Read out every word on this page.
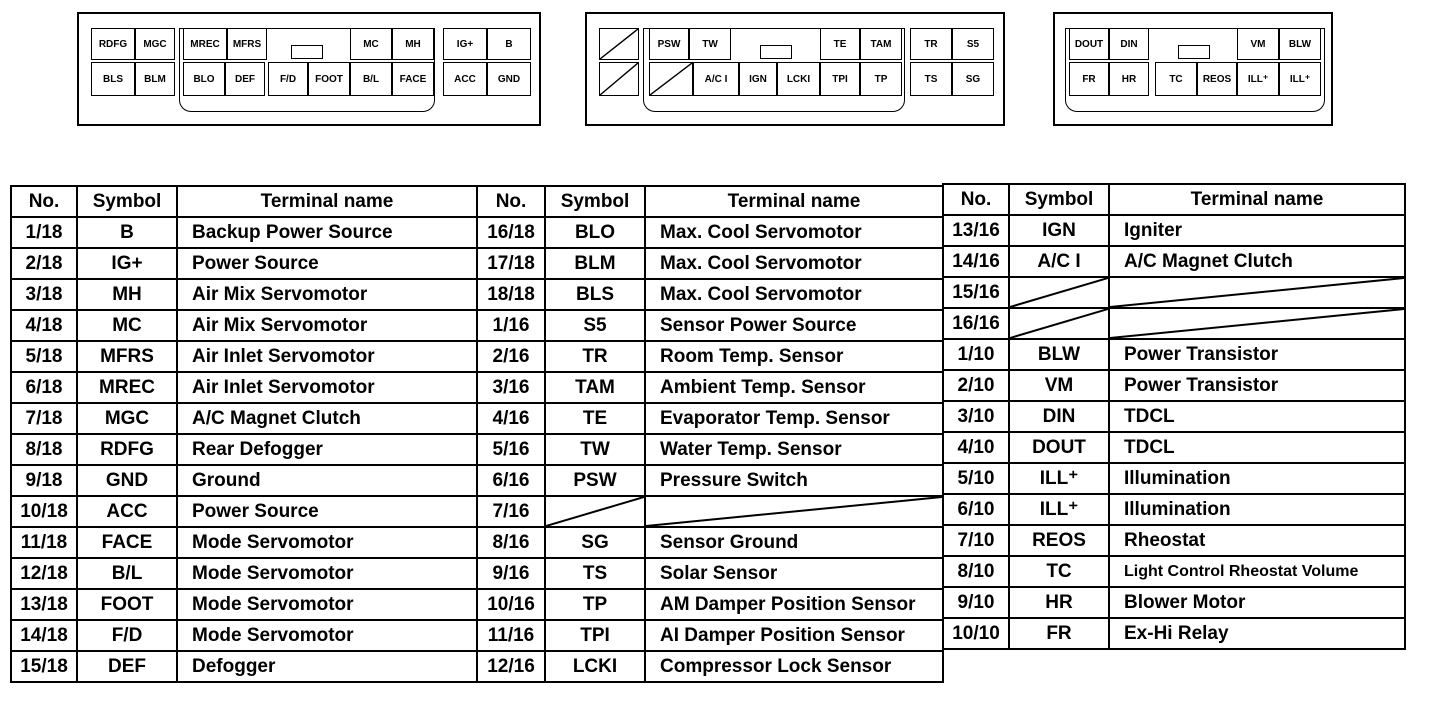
RDFG	MGC	MREC	MFRS	MC	MH	IG+	B
BLS	BLM	BLO	DEF	F/D	FOOT	B/L	FACE	ACC	GND
PSW	TW	TE	TAM	TR	S5
A/C I	IGN	LCKI	TPI	TP	TS	SG
DOUT	DIN	VM	BLW
FR	HR	TC	REOS	ILL⁺	ILL⁺
No.	Symbol	Terminal name
1/18	B	Backup Power Source
2/18	IG+	Power Source
3/18	MH	Air Mix Servomotor
4/18	MC	Air Mix Servomotor
5/18	MFRS	Air Inlet Servomotor
6/18	MREC	Air Inlet Servomotor
7/18	MGC	A/C Magnet Clutch
8/18	RDFG	Rear Defogger
9/18	GND	Ground
10/18	ACC	Power Source
11/18	FACE	Mode Servomotor
12/18	B/L	Mode Servomotor
13/18	FOOT	Mode Servomotor
14/18	F/D	Mode Servomotor
15/18	DEF	Defogger
No.	Symbol	Terminal name
16/18	BLO	Max. Cool Servomotor
17/18	BLM	Max. Cool Servomotor
18/18	BLS	Max. Cool Servomotor
1/16	S5	Sensor Power Source
2/16	TR	Room Temp. Sensor
3/16	TAM	Ambient Temp. Sensor
4/16	TE	Evaporator Temp. Sensor
5/16	TW	Water Temp. Sensor
6/16	PSW	Pressure Switch
7/16	

8/16	SG	Sensor Ground
9/16	TS	Solar Sensor
10/16	TP	AM Damper Position Sensor
11/16	TPI	AI Damper Position Sensor
12/16	LCKI	Compressor Lock Sensor
No.	Symbol	Terminal name
13/16	IGN	Igniter
14/16	A/C I	A/C Magnet Clutch
15/16	

16/16	

1/10	BLW	Power Transistor
2/10	VM	Power Transistor
3/10	DIN	TDCL
4/10	DOUT	TDCL
5/10	ILL⁺	Illumination
6/10	ILL⁺	Illumination
7/10	REOS	Rheostat
8/10	TC	Light Control Rheostat Volume
9/10	HR	Blower Motor
10/10	FR	Ex-Hi Relay
